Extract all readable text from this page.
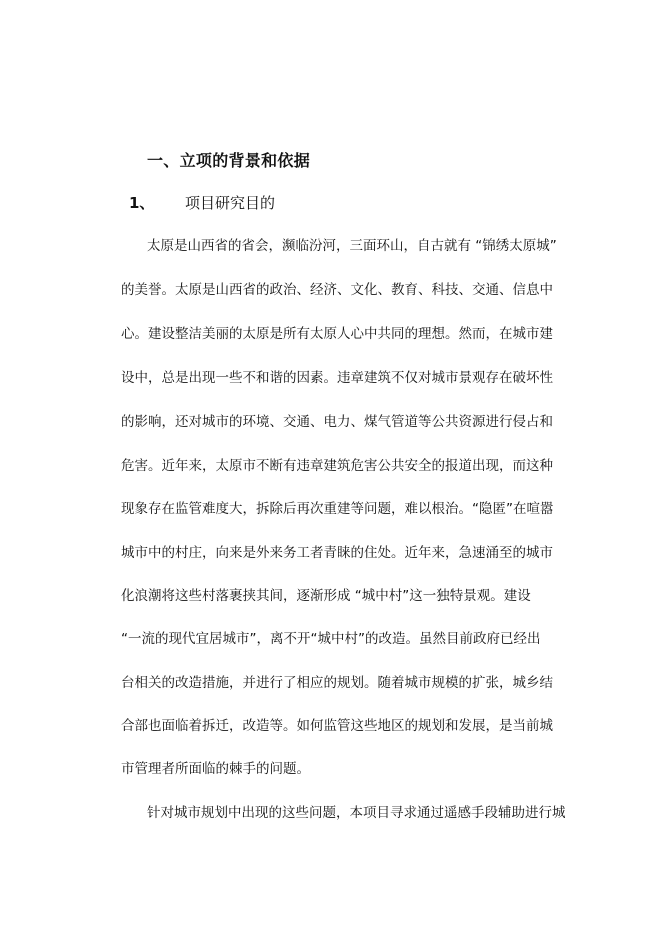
一、立项的背景和依据
1、 项目研究目的
太原是山西省的省会，濒临汾河，三面环山，自古就有 “锦绣太原城”
的美誉。太原是山西省的政治、经济、文化、教育、科技、交通、信息中
心。建设整洁美丽的太原是所有太原人心中共同的理想。然而，在城市建
设中，总是出现一些不和谐的因素。违章建筑不仅对城市景观存在破坏性
的影响，还对城市的环境、交通、电力、煤气管道等公共资源进行侵占和
危害。近年来，太原市不断有违章建筑危害公共安全的报道出现，而这种
现象存在监管难度大，拆除后再次重建等问题，难以根治。“隐匿”在喧嚣
城市中的村庄，向来是外来务工者青睐的住处。近年来，急速涌至的城市
化浪潮将这些村落裹挟其间，逐渐形成 “城中村”这一独特景观。建设
“一流的现代宜居城市”，离不开“城中村”的改造。虽然目前政府已经出
台相关的改造措施，并进行了相应的规划。随着城市规模的扩张，城乡结
合部也面临着拆迁，改造等。如何监管这些地区的规划和发展，是当前城
市管理者所面临的棘手的问题。
针对城市规划中出现的这些问题，本项目寻求通过遥感手段辅助进行城
